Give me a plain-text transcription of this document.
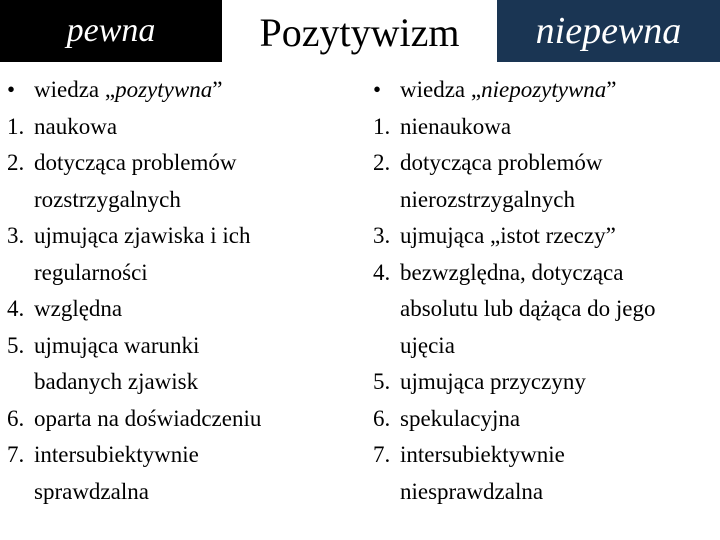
pewna	Pozytywizm	niepewna
• wiedza „pozytywna”
1. naukowa
2. dotycząca problemów
rozstrzygalnych
3. ujmująca zjawiska i ich
regularności
4. względna
5. ujmująca warunki
badanych zjawisk
6. oparta na doświadczeniu
7. intersubiektywnie
sprawdzalna
• wiedza „niepozytywna”
1. nienaukowa
2. dotycząca problemów
nierozstrzygalnych
3. ujmująca „istot rzeczy”
4. bezwzględna, dotycząca
absolutu lub dążąca do jego
ujęcia
5. ujmująca przyczyny
6. spekulacyjna
7. intersubiektywnie
niesprawdzalna
